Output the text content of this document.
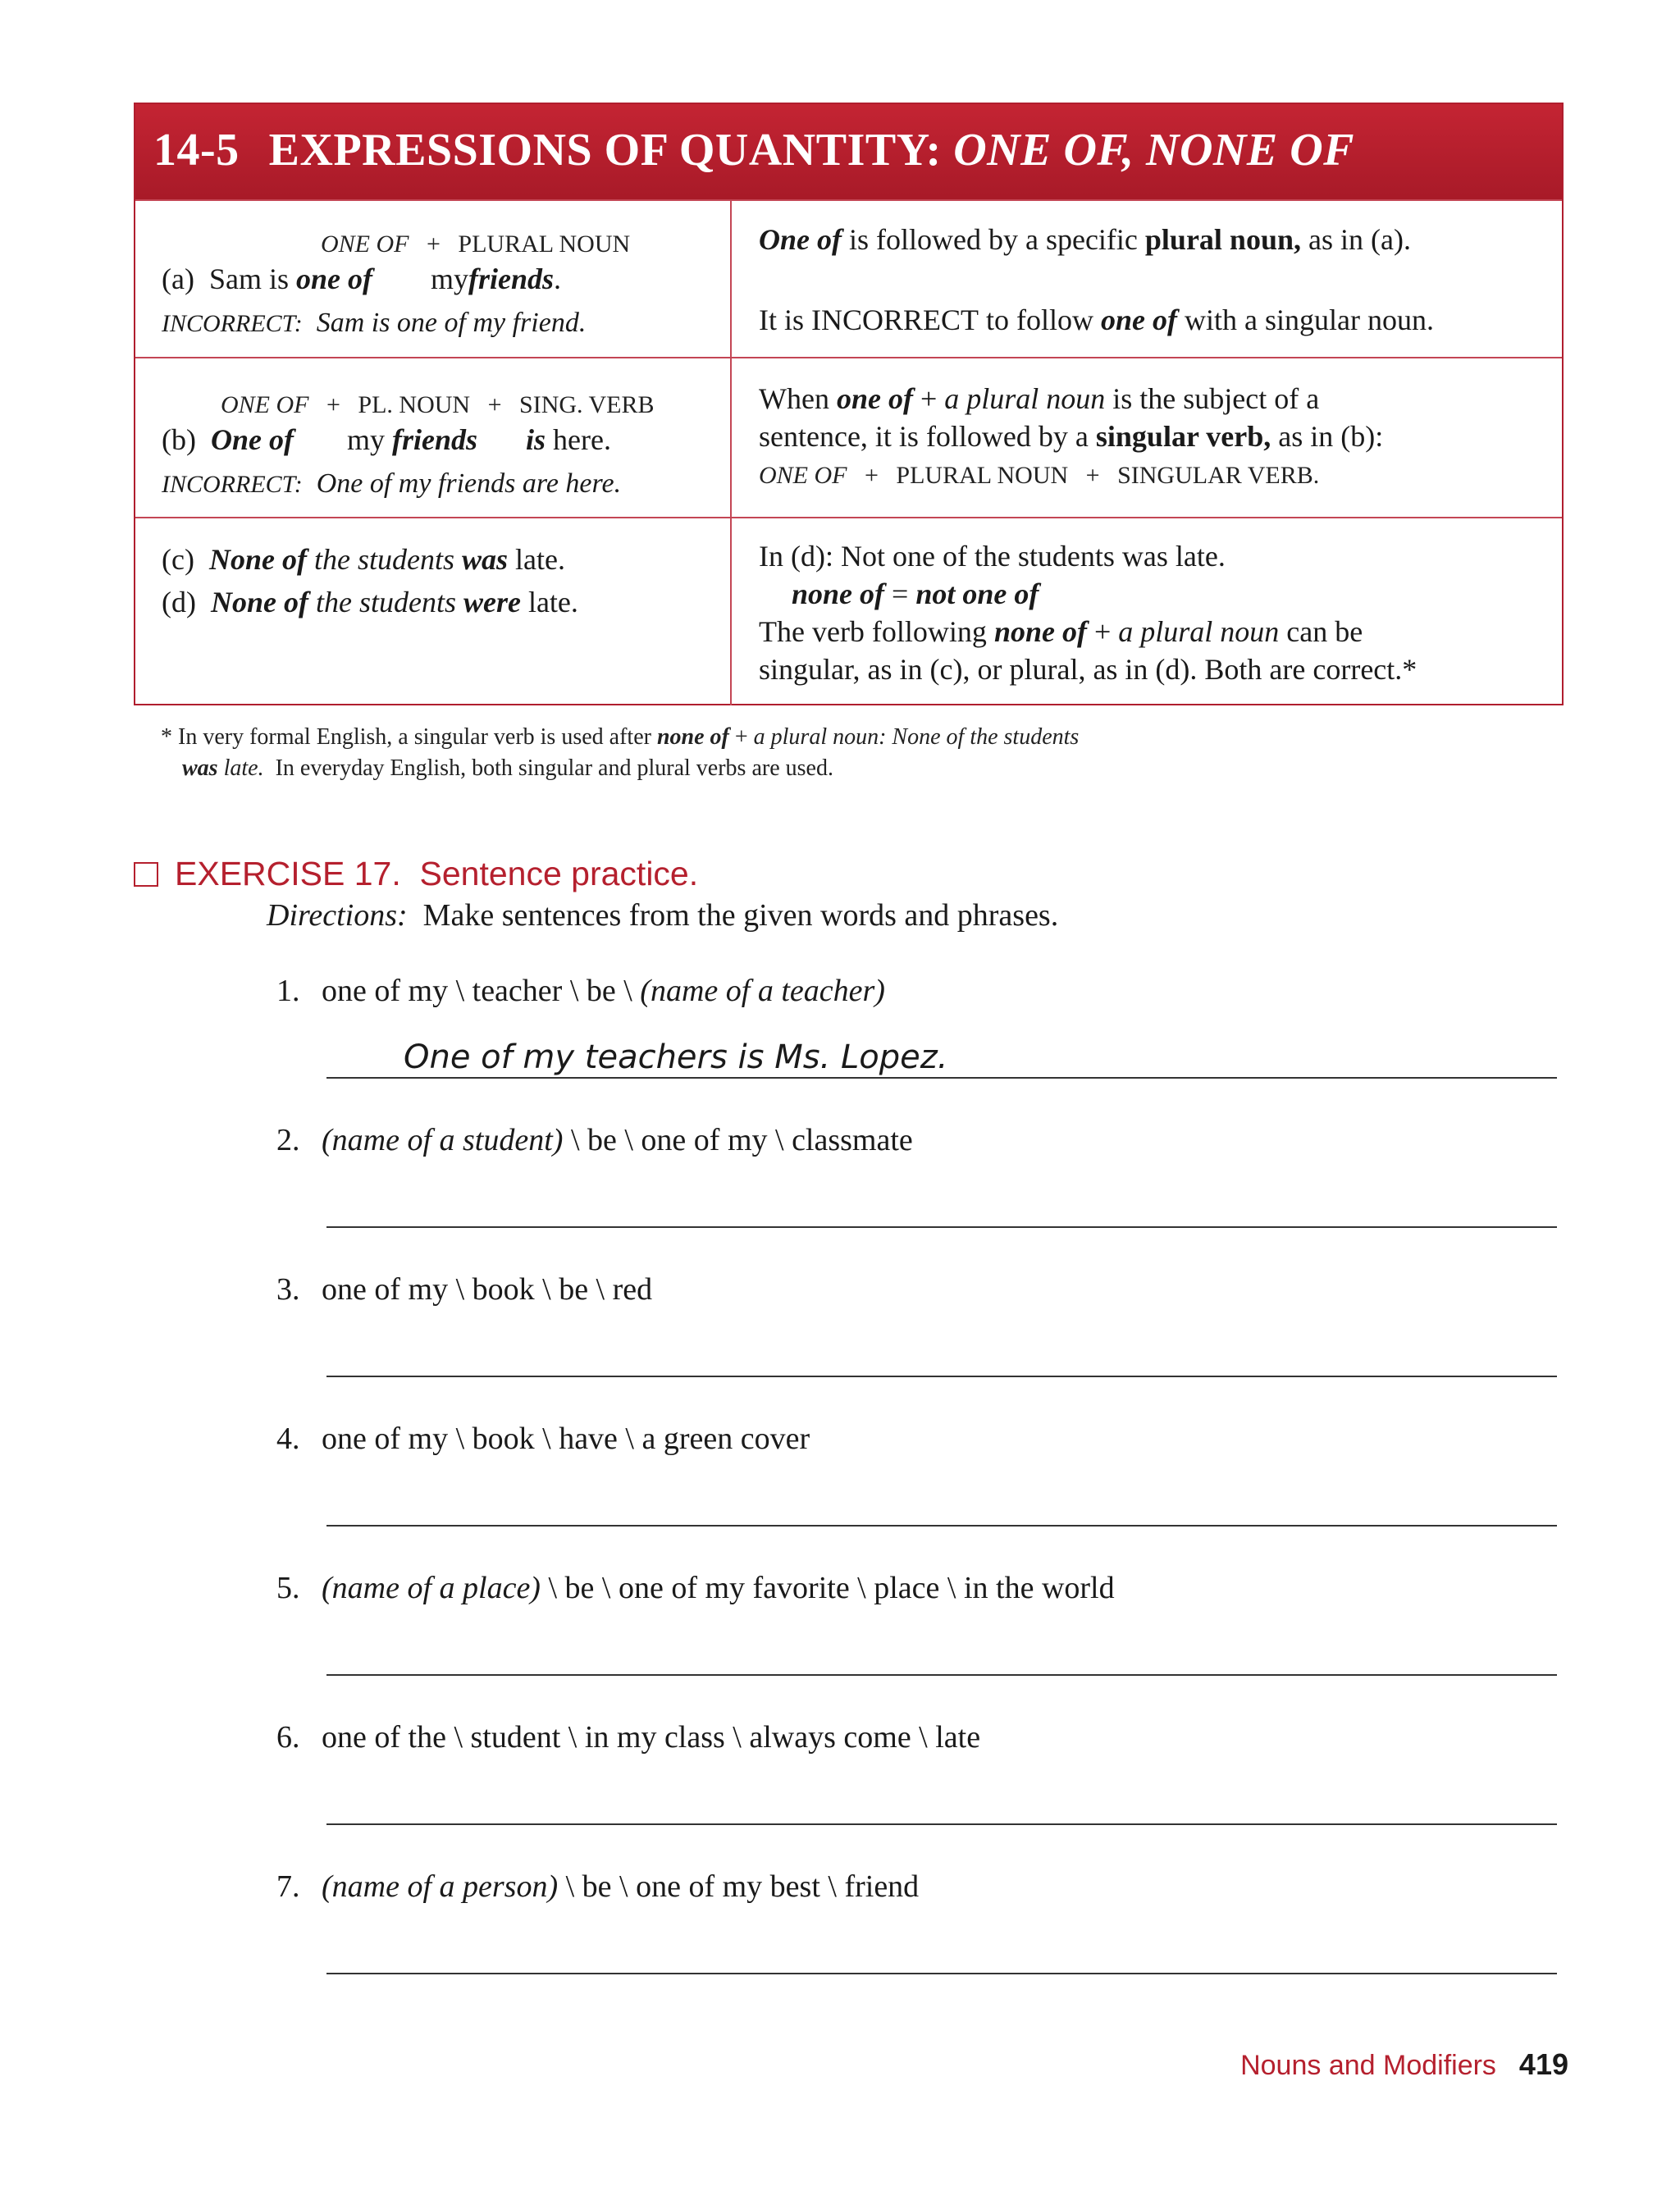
14-5 EXPRESSIONS OF QUANTITY: ONE OF, NONE OF
ONE OF + PLURAL NOUN
(a) Sam is one of myfriends.
INCORRECT: Sam is one of my friend.
One of is followed by a specific plural noun, as in (a).
It is INCORRECT to follow one of with a singular noun.
ONE OF + PL. NOUN + SING. VERB
(b) One of my friends is here.
INCORRECT: One of my friends are here.
When one of + a plural noun is the subject of a
sentence, it is followed by a singular verb, as in (b):
ONE OF + PLURAL NOUN + SINGULAR VERB.
(c) None of the students was late.
(d) None of the students were late.
In (d): Not one of the students was late.
none of = not one of
The verb following none of + a plural noun can be
singular, as in (c), or plural, as in (d). Both are correct.*
* In very formal English, a singular verb is used after none of + a plural noun: None of the students
was late. In everyday English, both singular and plural verbs are used.
EXERCISE 17. Sentence practice.
Directions: Make sentences from the given words and phrases.
1. one of my \ teacher \ be \ (name of a teacher)
2. (name of a student) \ be \ one of my \ classmate
3. one of my \ book \ be \ red
4. one of my \ book \ have \ a green cover
5. (name of a place) \ be \ one of my favorite \ place \ in the world
6. one of the \ student \ in my class \ always come \ late
7. (name of a person) \ be \ one of my best \ friend
One of my teachers is Ms. Lopez.
Nouns and Modifiers 419
